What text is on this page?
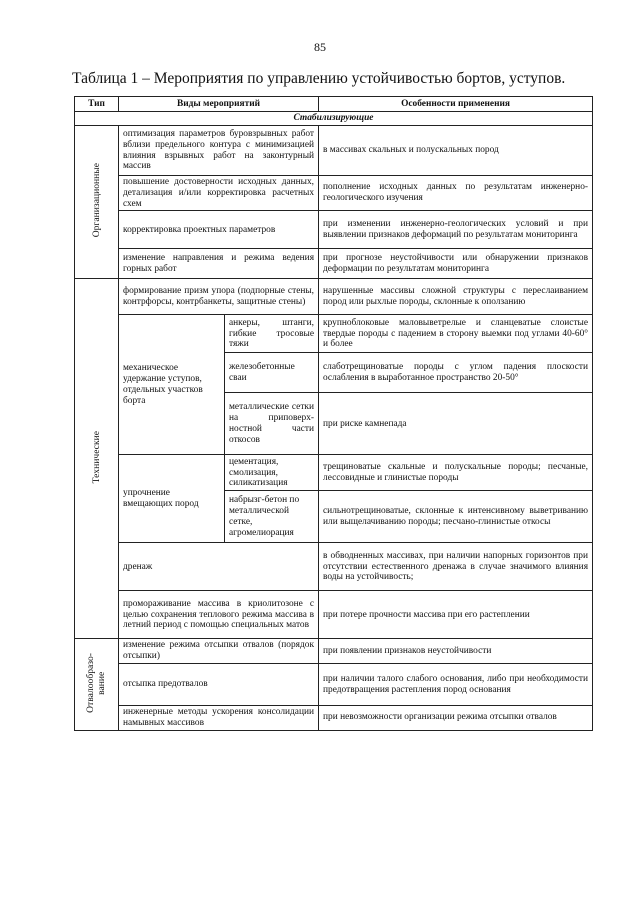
85
Таблица 1 – Мероприятия по управлению устойчивостью бортов, уступов.
Тип	Виды мероприятий		Особенности применения
Стабилизирующие			
Организационные	оптимизация параметров буровзрывных работ вблизи предельного контура с минимизацией влияния взрывных работ на законтурный массив		в массивах скальных и полускальных пород
	повышение достоверности исходных данных, детализация и/или корректировка расчетных схем		пополнение исходных данных по результатам инженерно-геологического изучения
	корректировка проектных параметров		при изменении инженерно-геологических условий и при выявлении признаков деформаций по результатам мониторинга
	изменение направления и режима ведения горных работ		при прогнозе неустойчивости или обнаружении признаков деформации по результатам мониторинга
Технические	формирование призм упора (подпорные стены, контрфорсы, контрбанкеты, защитные стены)		нарушенные массивы сложной структуры с переслаиванием пород или рыхлые породы, склонные к оползанию
	механическое удержание уступов, отдельных участков борта	анкеры, штанги, гибкие тросовые тяжи	крупноблоковые маловыветрелые и сланцеватые слоистые твердые породы с падением в сторону выемки под углами 40-60° и более
		железобетонные сваи	слаботрещиноватые породы с углом падения плоскости ослабления в выработанное пространство 20-50°
		металлические сетки на приповерх-ностной части откосов	при риске камнепада
	упрочнение вмещающих пород	цементация, смолизация, силикатизация	трещиноватые скальные и полускальные породы; песчаные, лессовидные и глинистые породы
		набрызг-бетон по металлической сетке, агромелиорация	сильнотрещиноватые, склонные к интенсивному выветриванию или выщелачиванию породы; песчано-глинистые откосы
	дренаж		в обводненных массивах, при наличии напорных горизонтов при отсутствии естественного дренажа в случае значимого влияния воды на устойчивость;
	промораживание массива в криолитозоне с целью сохранения теплового режима массива в летний период с помощью специальных матов		при потере прочности массива при его растеплении

Отвалообразо- вание	изменение режима отсыпки отвалов (порядок отсыпки)		при появлении признаков неустойчивости
	отсыпка предотвалов		при наличии талого слабого основания, либо при необходимости предотвращения растепления пород основания
	инженерные методы ускорения консолидации намывных массивов		при невозможности организации режима отсыпки отвалов
